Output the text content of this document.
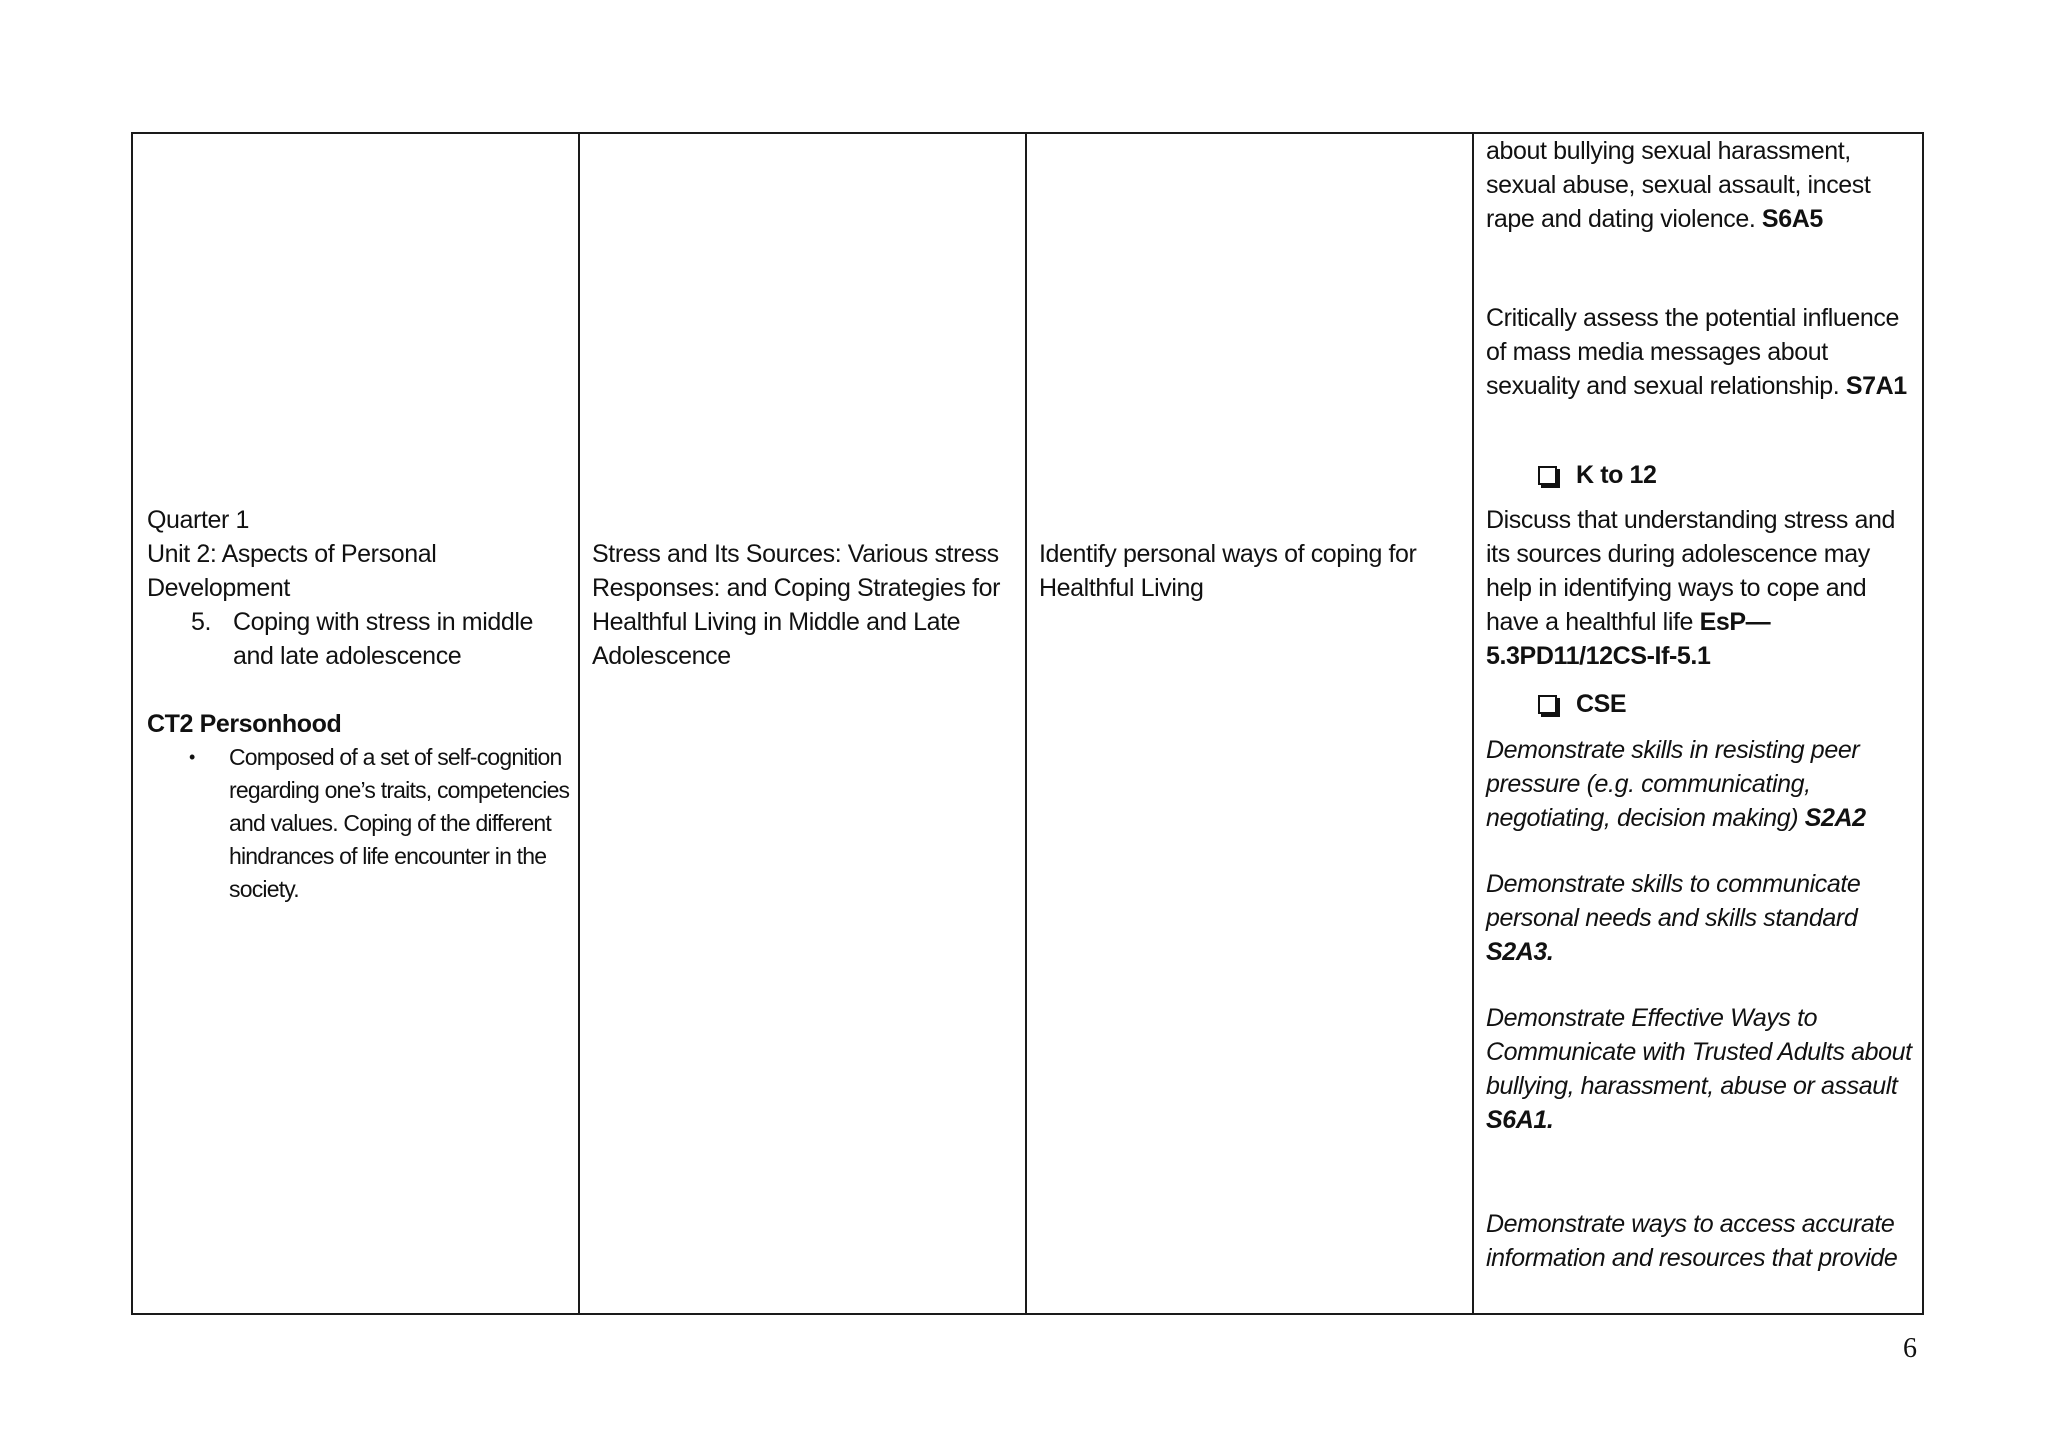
Quarter 1
Unit 2: Aspects of Personal Development
5. Coping with stress in middle and late adolescence
CT2 Personhood
•	Composed of a set of self-cognition regarding one’s traits, competencies and values. Coping of the different hindrances of life encounter in the society.
Stress and Its Sources: Various stress Responses: and Coping Strategies for Healthful Living in Middle and Late Adolescence
Identify personal ways of coping for Healthful Living
about bullying sexual harassment, sexual abuse, sexual assault, incest rape and dating violence. S6A5
Critically assess the potential influence of mass media messages about sexuality and sexual relationship. S7A1
K to 12
Discuss that understanding stress and its sources during adolescence may help in identifying ways to cope and have a healthful life EsP—5.3PD11/12CS-If-5.1
CSE
Demonstrate skills in resisting peer pressure (e.g. communicating, negotiating, decision making) S2A2
Demonstrate skills to communicate personal needs and skills standard S2A3.
Demonstrate Effective Ways to Communicate with Trusted Adults about bullying, harassment, abuse or assault S6A1.
Demonstrate ways to access accurate information and resources that provide
6
